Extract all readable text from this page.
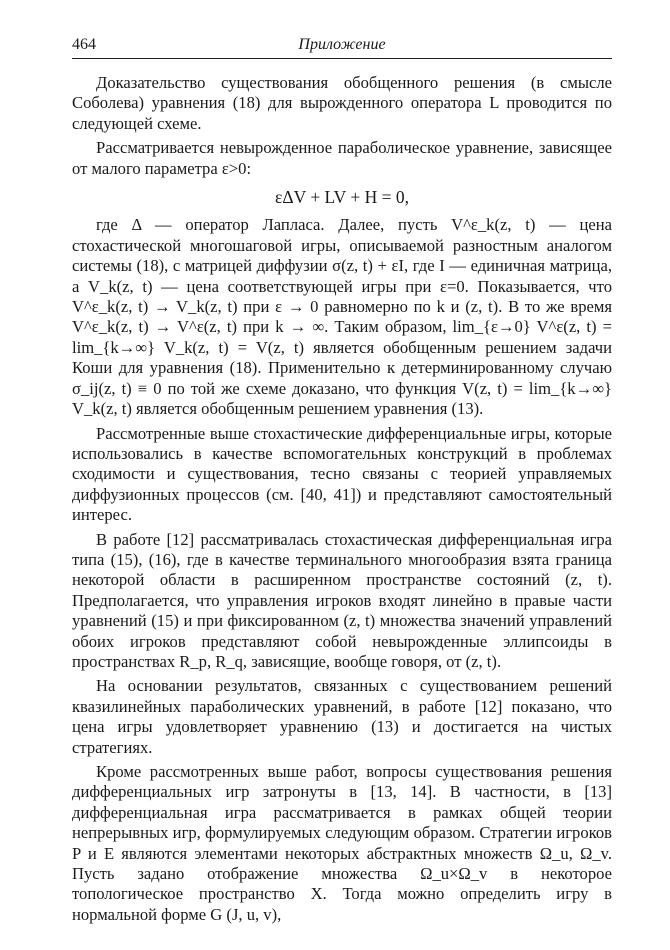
464	Приложение

Доказательство существования обобщенного решения (в смысле Соболева) уравнения (18) для вырожденного оператора L проводится по следующей схеме.

Рассматривается невырожденное параболическое уравнение, зависящее от малого параметра ε>0:

εΔV + LV + H = 0,

где Δ — оператор Лапласа. Далее, пусть V^ε_k(z, t) — цена стохастической многошаговой игры, описываемой разностным аналогом системы (18), с матрицей диффузии σ(z, t) + εI, где I — единичная матрица, а V_k(z, t) — цена соответствующей игры при ε=0. Показывается, что V^ε_k(z, t) → V_k(z, t) при ε → 0 равномерно по k и (z, t). В то же время V^ε_k(z, t) → V^ε(z, t) при k → ∞. Таким образом, lim_{ε→0} V^ε(z, t) = lim_{k→∞} V_k(z, t) = V(z, t) является обобщенным решением задачи Коши для уравнения (18). Применительно к детерминированному случаю σ_ij(z, t) ≡ 0 по той же схеме доказано, что функция V(z, t) = lim_{k→∞} V_k(z, t) является обобщенным решением уравнения (13).

Рассмотренные выше стохастические дифференциальные игры, которые использовались в качестве вспомогательных конструкций в проблемах сходимости и существования, тесно связаны с теорией управляемых диффузионных процессов (см. [40, 41]) и представляют самостоятельный интерес.

В работе [12] рассматривалась стохастическая дифференциальная игра типа (15), (16), где в качестве терминального многообразия взята граница некоторой области в расширенном пространстве состояний (z, t). Предполагается, что управления игроков входят линейно в правые части уравнений (15) и при фиксированном (z, t) множества значений управлений обоих игроков представляют собой невырожденные эллипсоиды в пространствах R_p, R_q, зависящие, вообще говоря, от (z, t).

На основании результатов, связанных с существованием решений квазилинейных параболических уравнений, в работе [12] показано, что цена игры удовлетворяет уравнению (13) и достигается на чистых стратегиях.

Кроме рассмотренных выше работ, вопросы существования решения дифференциальных игр затронуты в [13, 14]. В частности, в [13] дифференциальная игра рассматривается в рамках общей теории непрерывных игр, формулируемых следующим образом. Стратегии игроков P и E являются элементами некоторых абстрактных множеств Ω_u, Ω_v. Пусть задано отображение множества Ω_u×Ω_v в некоторое топологическое пространство X. Тогда можно определить игру в нормальной форме G (J, u, v),
